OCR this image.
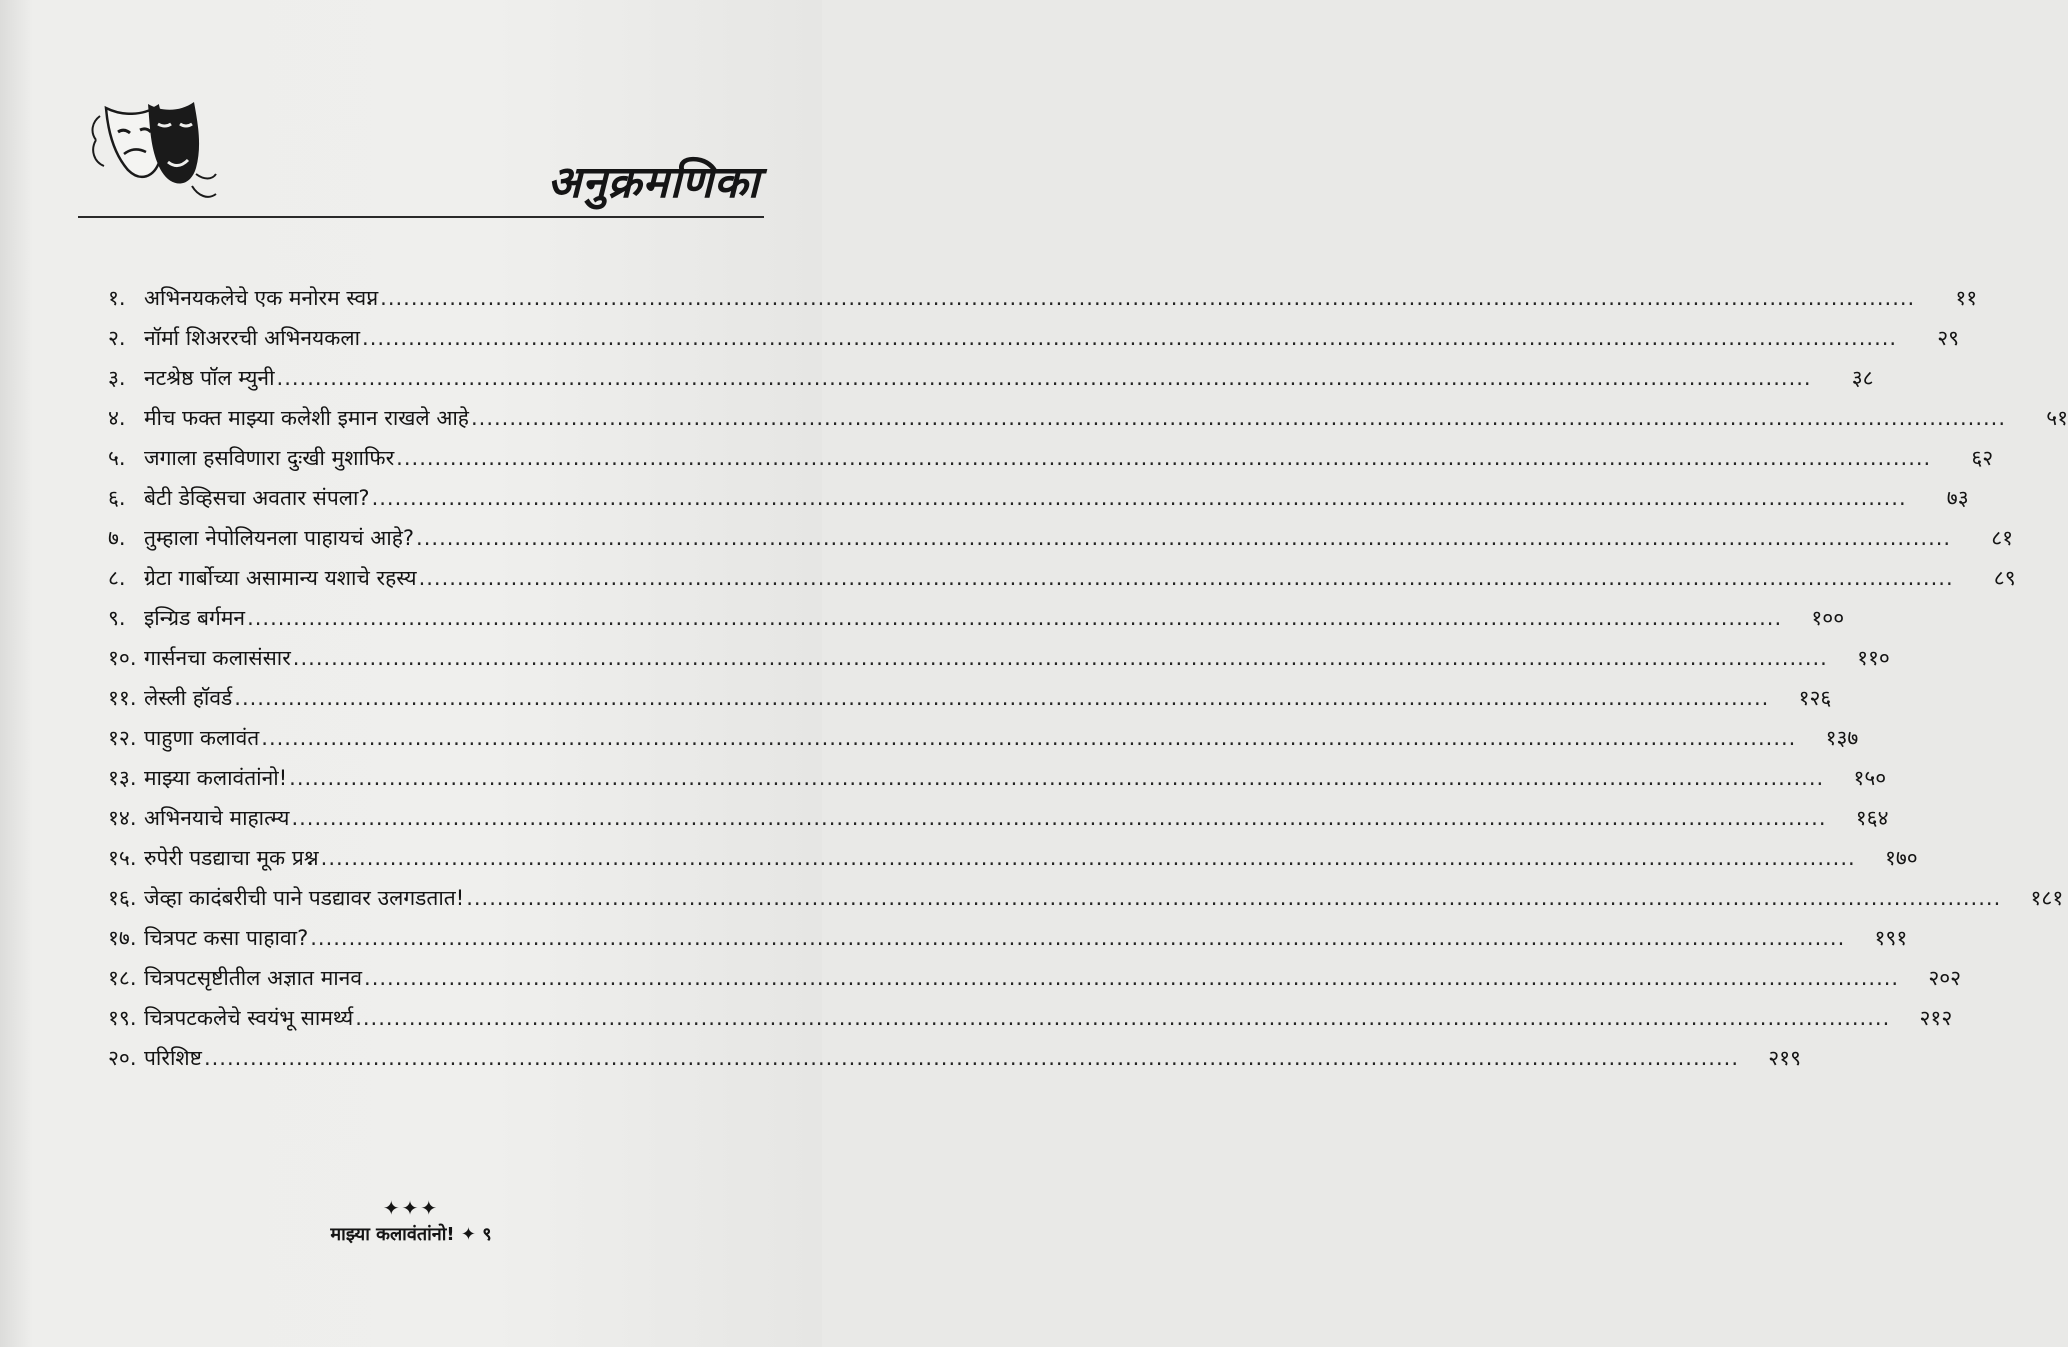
अनुक्रमणिका
१. अभिनयकलेचे एक मनोरम स्वप्न ........................................................................................................................................................................................................	११
२. नॉर्मा शिअररची अभिनयकला ........................................................................................................................................................................................................	२९
३. नटश्रेष्ठ पॉल म्युनी ........................................................................................................................................................................................................	३८
४. मीच फक्त माझ्या कलेशी इमान राखले आहे ........................................................................................................................................................................................................	५१
५. जगाला हसविणारा दुःखी मुशाफिर ........................................................................................................................................................................................................	६२
६. बेटी डेव्हिसचा अवतार संपला? ........................................................................................................................................................................................................	७३
७. तुम्हाला नेपोलियनला पाहायचं आहे? ........................................................................................................................................................................................................	८१
८. ग्रेटा गार्बोच्या असामान्य यशाचे रहस्य ........................................................................................................................................................................................................	८९
९. इन्ग्रिड बर्गमन ........................................................................................................................................................................................................	१००
१०. गार्सनचा कलासंसार ........................................................................................................................................................................................................	११०
११. लेस्ली हॉवर्ड ........................................................................................................................................................................................................	१२६
१२. पाहुणा कलावंत ........................................................................................................................................................................................................	१३७
१३. माझ्या कलावंतांनो! ........................................................................................................................................................................................................	१५०
१४. अभिनयाचे माहात्म्य ........................................................................................................................................................................................................	१६४
१५. रुपेरी पडद्याचा मूक प्रश्न ........................................................................................................................................................................................................	१७०
१६. जेव्हा कादंबरीची पाने पडद्यावर उलगडतात! ........................................................................................................................................................................................................	१८१
१७. चित्रपट कसा पाहावा? ........................................................................................................................................................................................................	१९१
१८. चित्रपटसृष्टीतील अज्ञात मानव ........................................................................................................................................................................................................	२०२
१९. चित्रपटकलेचे स्वयंभू सामर्थ्य ........................................................................................................................................................................................................	२१२
२०. परिशिष्ट ........................................................................................................................................................................................................	२१९
✦✦✦
माझ्या कलावंतांनो! ✦ ९
